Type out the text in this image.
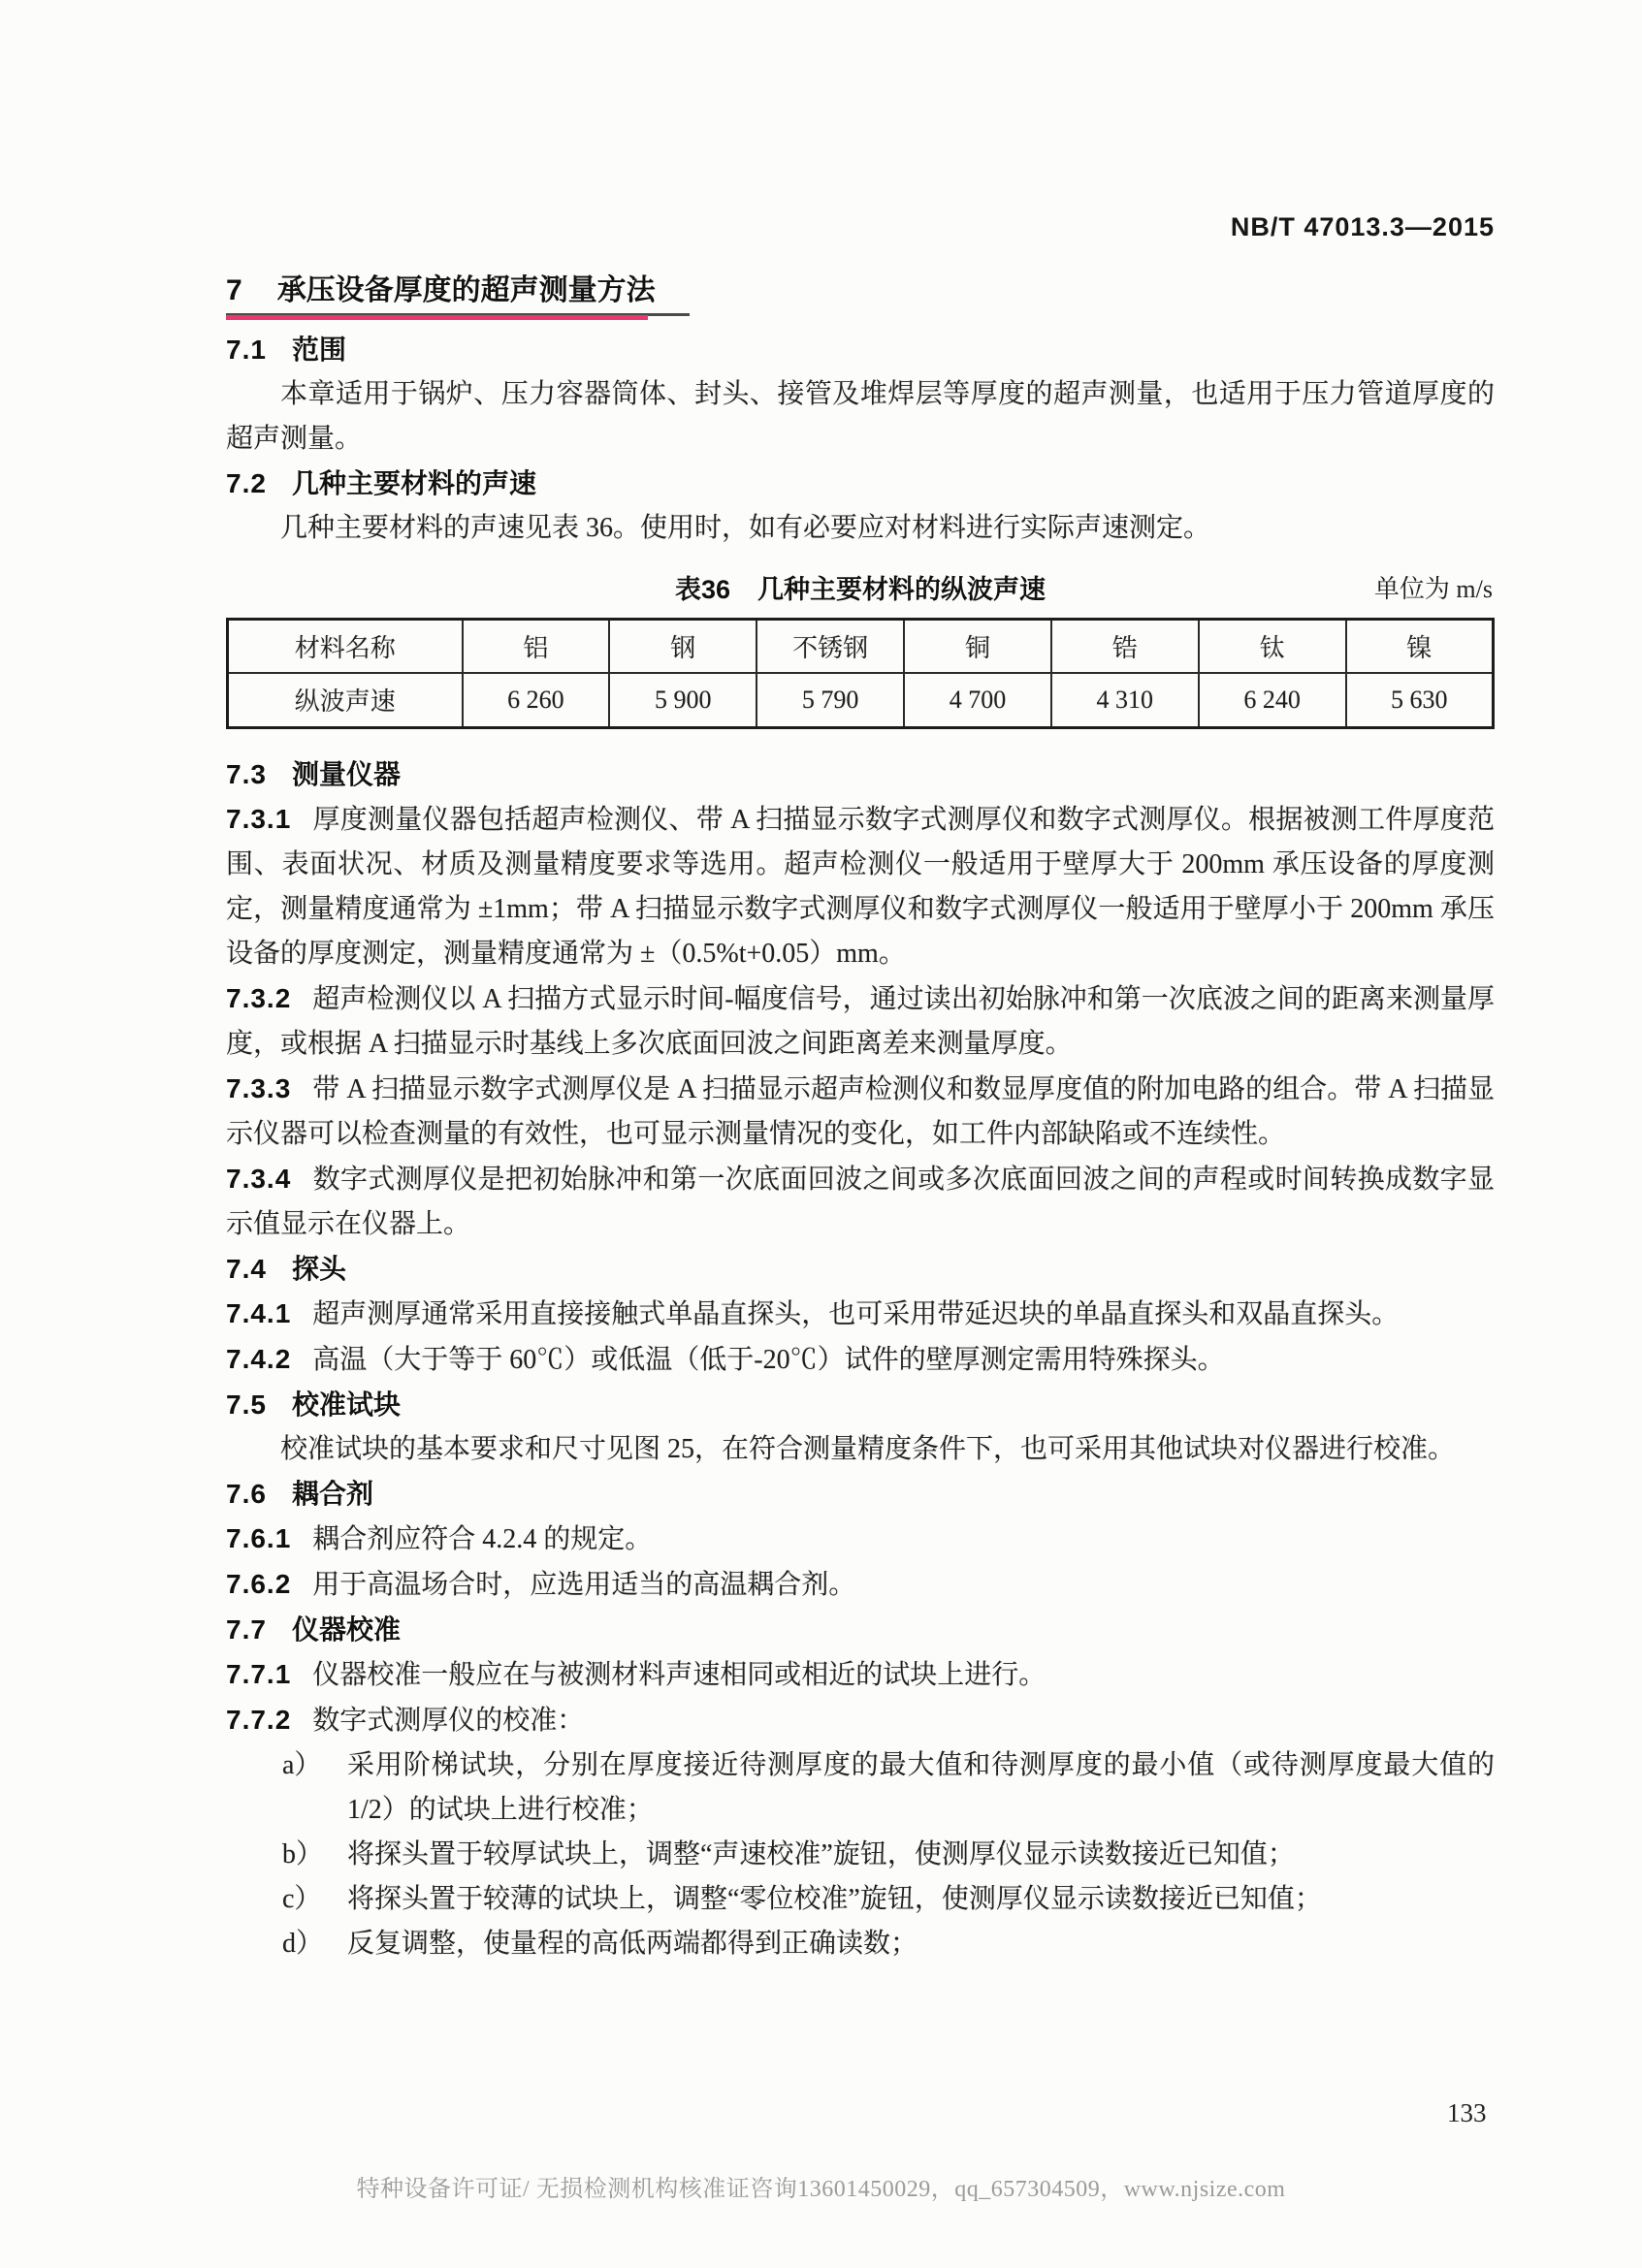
NB/T 47013.3—2015
7 承压设备厚度的超声测量方法
7.1 范围

本章适用于锅炉、压力容器筒体、封头、接管及堆焊层等厚度的超声测量，也适用于压力管道厚度的超声测量。

7.2 几种主要材料的声速

几种主要材料的声速见表 36。使用时，如有必要应对材料进行实际声速测定。

表36 几种主要材料的纵波声速	单位为 m/s
材料名称	铝	钢	不锈钢	铜	锆	钛	镍
纵波声速	6 260	5 900	5 790	4 700	4 310	6 240	5 630
7.3 测量仪器

7.3.1 厚度测量仪器包括超声检测仪、带 A 扫描显示数字式测厚仪和数字式测厚仪。根据被测工件厚度范围、表面状况、材质及测量精度要求等选用。超声检测仪一般适用于壁厚大于 200mm 承压设备的厚度测定，测量精度通常为 ±1mm；带 A 扫描显示数字式测厚仪和数字式测厚仪一般适用于壁厚小于 200mm 承压设备的厚度测定，测量精度通常为 ±（0.5%t+0.05）mm。

7.3.2 超声检测仪以 A 扫描方式显示时间-幅度信号，通过读出初始脉冲和第一次底波之间的距离来测量厚度，或根据 A 扫描显示时基线上多次底面回波之间距离差来测量厚度。

7.3.3 带 A 扫描显示数字式测厚仪是 A 扫描显示超声检测仪和数显厚度值的附加电路的组合。带 A 扫描显示仪器可以检查测量的有效性，也可显示测量情况的变化，如工件内部缺陷或不连续性。

7.3.4 数字式测厚仪是把初始脉冲和第一次底面回波之间或多次底面回波之间的声程或时间转换成数字显示值显示在仪器上。

7.4 探头

7.4.1 超声测厚通常采用直接接触式单晶直探头，也可采用带延迟块的单晶直探头和双晶直探头。

7.4.2 高温（大于等于 60℃）或低温（低于-20℃）试件的壁厚测定需用特殊探头。

7.5 校准试块

校准试块的基本要求和尺寸见图 25，在符合测量精度条件下，也可采用其他试块对仪器进行校准。

7.6 耦合剂

7.6.1 耦合剂应符合 4.2.4 的规定。

7.6.2 用于高温场合时，应选用适当的高温耦合剂。

7.7 仪器校准

7.7.1 仪器校准一般应在与被测材料声速相同或相近的试块上进行。

7.7.2 数字式测厚仪的校准：

a） 采用阶梯试块，分别在厚度接近待测厚度的最大值和待测厚度的最小值（或待测厚度最大值的 1/2）的试块上进行校准；
b） 将探头置于较厚试块上，调整“声速校准”旋钮，使测厚仪显示读数接近已知值；
c） 将探头置于较薄的试块上，调整“零位校准”旋钮，使测厚仪显示读数接近已知值；
d） 反复调整，使量程的高低两端都得到正确读数；
133
特种设备许可证/ 无损检测机构核准证咨询13601450029，qq_657304509，www.njsize.com
